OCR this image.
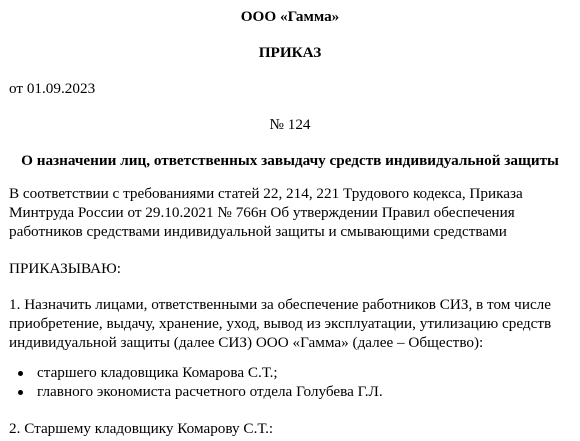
ООО «Гамма»
ПРИКАЗ
от 01.09.2023
№ 124
О назначении лиц, ответственных завыдачу средств индивидуальной защиты
В соответствии с требованиями статей 22, 214, 221 Трудового кодекса, Приказа
Минтруда России от 29.10.2021 № 766н Об утверждении Правил обеспечения
работников средствами индивидуальной защиты и смывающими средствами
ПРИКАЗЫВАЮ:
1. Назначить лицами, ответственными за обеспечение работников СИЗ, в том числе
приобретение, выдачу, хранение, уход, вывод из эксплуатации, утилизацию средств
индивидуальной защиты (далее СИЗ) ООО «Гамма» (далее – Общество):
старшего кладовщика Комарова С.Т.;
главного экономиста расчетного отдела Голубева Г.Л.
2. Старшему кладовщику Комарову С.Т.:
